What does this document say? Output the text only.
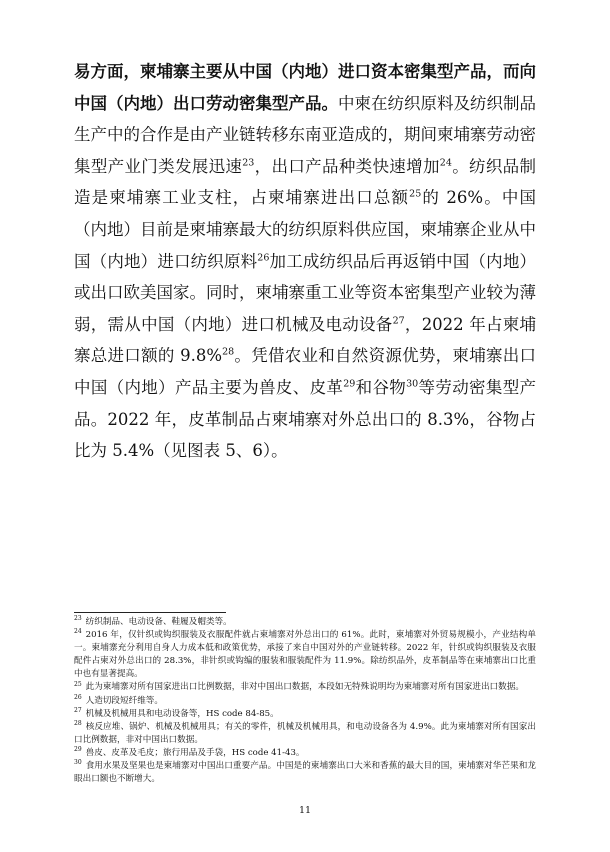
易方面，柬埔寨主要从中国（内地）进口资本密集型产品，而向中国（内地）出口劳动密集型产品。中柬在纺织原料及纺织制品生产中的合作是由产业链转移东南亚造成的，期间柬埔寨劳动密集型产业门类发展迅速$^{23}$，出口产品种类快速增加$^{24}$。纺织品制造是柬埔寨工业支柱，占柬埔寨进出口总额$^{25}$的 26%。中国（内地）目前是柬埔寨最大的纺织原料供应国，柬埔寨企业从中国（内地）进口纺织原料$^{26}$加工成纺织品后再返销中国（内地）或出口欧美国家。同时，柬埔寨重工业等资本密集型产业较为薄弱，需从中国（内地）进口机械及电动设备$^{27}$，2022 年占柬埔寨总进口额的 9.8%$^{28}$。凭借农业和自然资源优势，柬埔寨出口中国（内地）产品主要为兽皮、皮革$^{29}$和谷物$^{30}$等劳动密集型产品。2022 年，皮革制品占柬埔寨对外总出口的 8.3%，谷物占比为 5.4%（见图表 5、6）。

$^{23}$ 纺织制品、电动设备、鞋履及帽类等。

$^{24}$ 2016 年，仅针织或钩织服装及衣服配件就占柬埔寨对外总出口的 61%。此时，柬埔寨对外贸易规模小，产业结构单一。柬埔寨充分利用自身人力成本低和政策优势，承接了来自中国对外的产业链转移。2022 年，针织或钩织服装及衣服配件占柬对外总出口的 28.3%，非针织或钩编的服装和服装配件为 11.9%。除纺织品外，皮革制品等在柬埔寨出口比重中也有显著提高。

$^{25}$ 此为柬埔寨对所有国家进出口比例数据，非对中国出口数据，本段如无特殊说明均为柬埔寨对所有国家进出口数据。

$^{26}$ 人造切段短纤维等。

$^{27}$ 机械及机械用具和电动设备等，HS code 84-85。

$^{28}$ 核反应堆、锅炉、机械及机械用具；有关的零件，机械及机械用具，和电动设备各为 4.9%。此为柬埔寨对所有国家出口比例数据，非对中国出口数据。

$^{29}$ 兽皮、皮革及毛皮；旅行用品及手袋，HS code 41-43。

$^{30}$ 食用水果及坚果也是柬埔寨对中国出口重要产品。中国是的柬埔寨出口大米和香蕉的最大目的国，柬埔寨对华芒果和龙眼出口额也不断增大。

11
